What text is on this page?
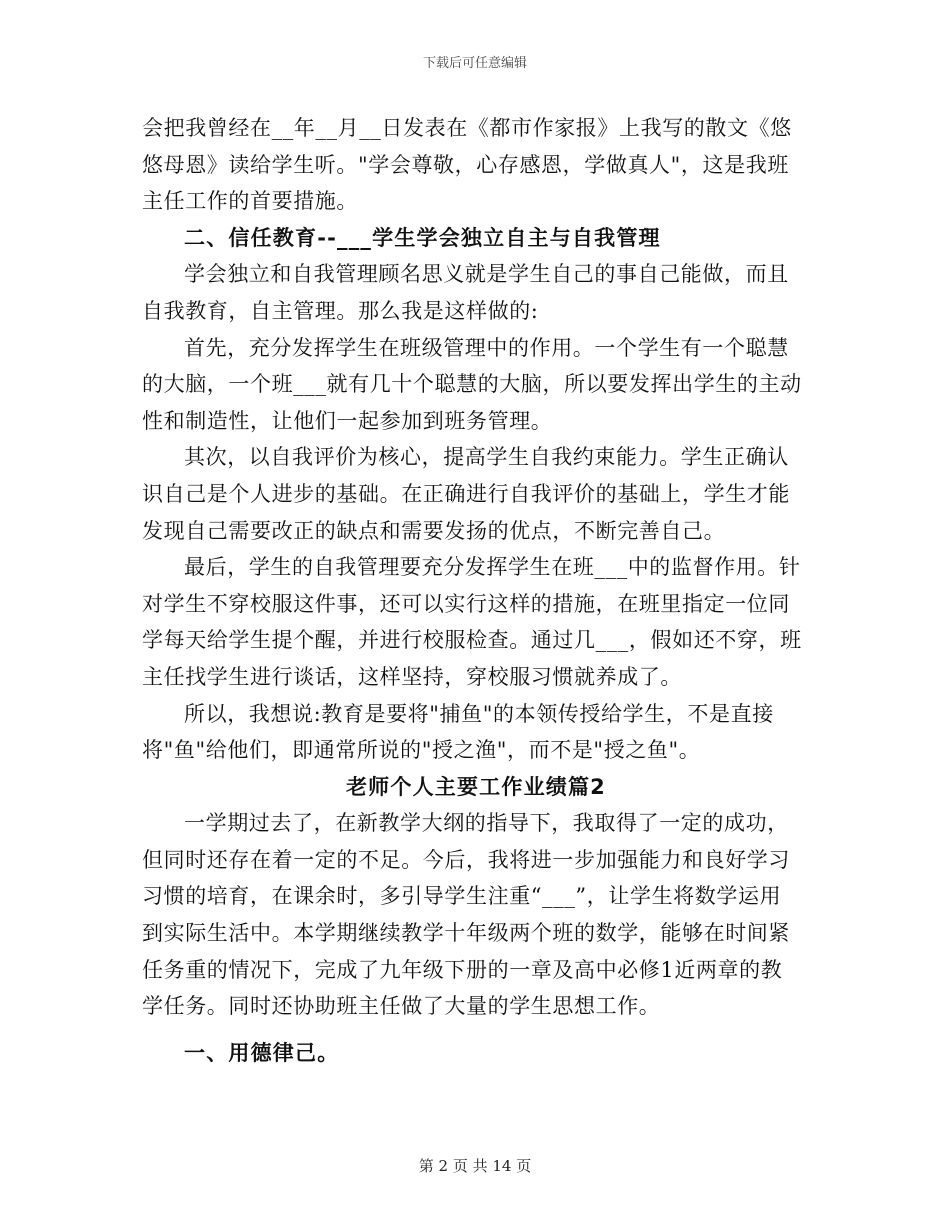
下载后可任意编辑
会把我曾经在__年__月__日发表在《都市作家报》上我写的散文《悠
悠母恩》读给学生听。"学会尊敬，心存感恩，学做真人"，这是我班
主任工作的首要措施。
二、信任教育--___学生学会独立自主与自我管理
学会独立和自我管理顾名思义就是学生自己的事自己能做，而且
自我教育，自主管理。那么我是这样做的:
首先，充分发挥学生在班级管理中的作用。一个学生有一个聪慧
的大脑，一个班___就有几十个聪慧的大脑，所以要发挥出学生的主动
性和制造性，让他们一起参加到班务管理。
其次，以自我评价为核心，提高学生自我约束能力。学生正确认
识自己是个人进步的基础。在正确进行自我评价的基础上，学生才能
发现自己需要改正的缺点和需要发扬的优点，不断完善自己。
最后，学生的自我管理要充分发挥学生在班___中的监督作用。针
对学生不穿校服这件事，还可以实行这样的措施，在班里指定一位同
学每天给学生提个醒，并进行校服检查。通过几___，假如还不穿，班
主任找学生进行谈话，这样坚持，穿校服习惯就养成了。
所以，我想说:教育是要将"捕鱼"的本领传授给学生，不是直接
将"鱼"给他们，即通常所说的"授之渔"，而不是"授之鱼"。
老师个人主要工作业绩篇2
一学期过去了，在新教学大纲的指导下，我取得了一定的成功，
但同时还存在着一定的不足。今后，我将进一步加强能力和良好学习
习惯的培育，在课余时，多引导学生注重“___”，让学生将数学运用
到实际生活中。本学期继续教学十年级两个班的数学，能够在时间紧
任务重的情况下，完成了九年级下册的一章及高中必修1近两章的教
学任务。同时还协助班主任做了大量的学生思想工作。
一、用德律己。
第 2 页 共 14 页
